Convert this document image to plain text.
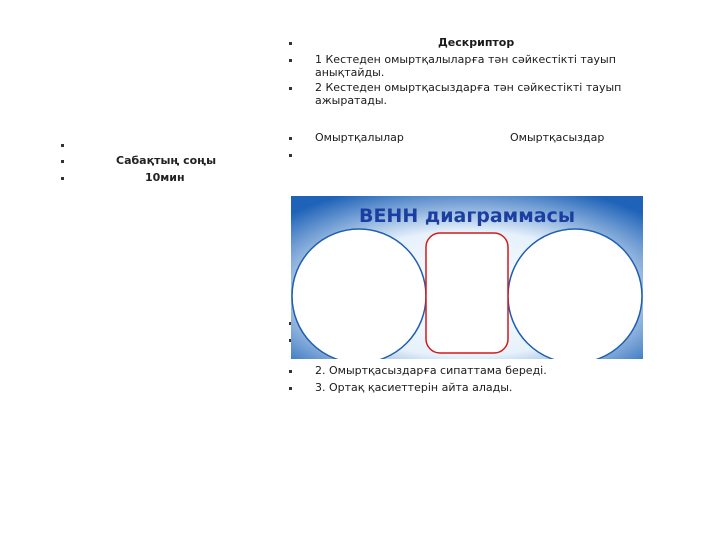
Сабақтың соңы
10мин
Дескриптор
1 Кестеден омыртқалыларға тән сәйкестікті тауып
анықтайды.
2 Кестеден омыртқасыздарға тән сәйкестікті тауып
ажыратады.
Омыртқалылар	Омыртқасыздар
ВЕНН диаграммасы
2. Омыртқасыздарға сипаттама береді.
3. Ортақ қасиеттерін айта алады.
